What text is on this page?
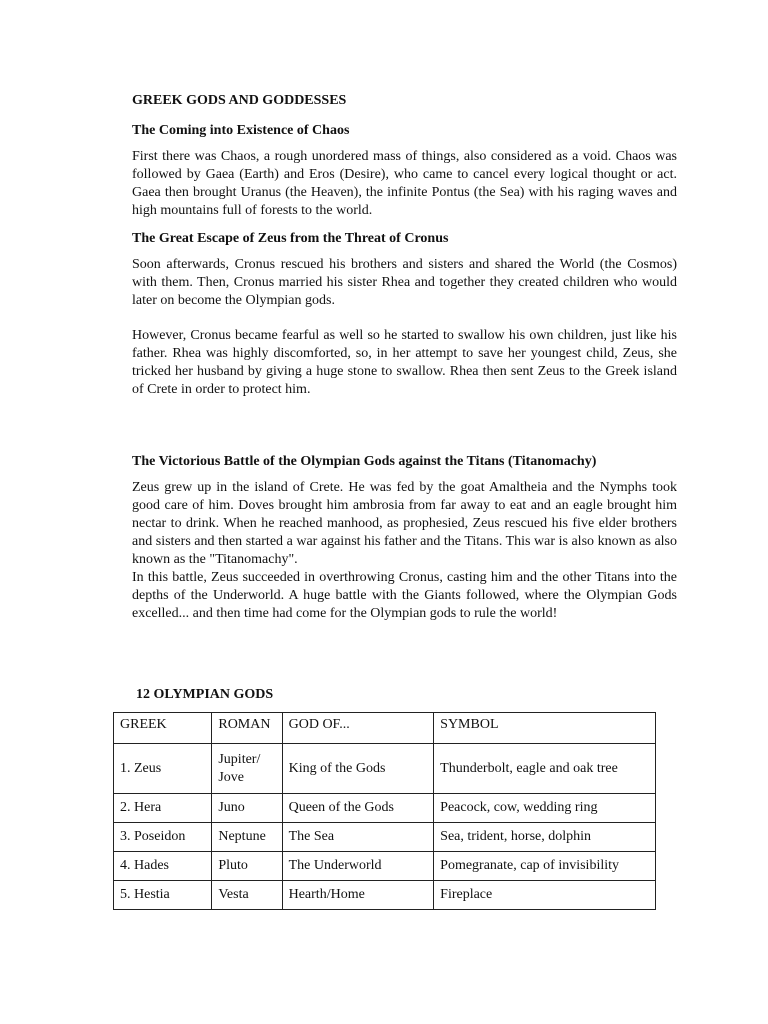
GREEK GODS AND GODDESSES
The Coming into Existence of Chaos

First there was Chaos, a rough unordered mass of things, also considered as a void. Chaos was followed by Gaea (Earth) and Eros (Desire), who came to cancel every logical thought or act. Gaea then brought Uranus (the Heaven), the infinite Pontus (the Sea) with his raging waves and high mountains full of forests to the world.

The Great Escape of Zeus from the Threat of Cronus

Soon afterwards, Cronus rescued his brothers and sisters and shared the World (the Cosmos) with them. Then, Cronus married his sister Rhea and together they created children who would later on become the Olympian gods.

However, Cronus became fearful as well so he started to swallow his own children, just like his father. Rhea was highly discomforted, so, in her attempt to save her youngest child, Zeus, she tricked her husband by giving a huge stone to swallow. Rhea then sent Zeus to the Greek island of Crete in order to protect him.

The Victorious Battle of the Olympian Gods against the Titans (Titanomachy)

Zeus grew up in the island of Crete. He was fed by the goat Amaltheia and the Nymphs took good care of him. Doves brought him ambrosia from far away to eat and an eagle brought him nectar to drink. When he reached manhood, as prophesied, Zeus rescued his five elder brothers and sisters and then started a war against his father and the Titans. This war is also known as also known as the "Titanomachy".

In this battle, Zeus succeeded in overthrowing Cronus, casting him and the other Titans into the depths of the Underworld. A huge battle with the Giants followed, where the Olympian Gods excelled... and then time had come for the Olympian gods to rule the world!

12 OLYMPIAN GODS
GREEK	ROMAN	GOD OF...	SYMBOL
1. Zeus	Jupiter/ Jove	King of the Gods	Thunderbolt, eagle and oak tree
2. Hera	Juno	Queen of the Gods	Peacock, cow, wedding ring
3. Poseidon	Neptune	The Sea	Sea, trident, horse, dolphin
4. Hades	Pluto	The Underworld	Pomegranate, cap of invisibility
5. Hestia	Vesta	Hearth/Home	Fireplace
